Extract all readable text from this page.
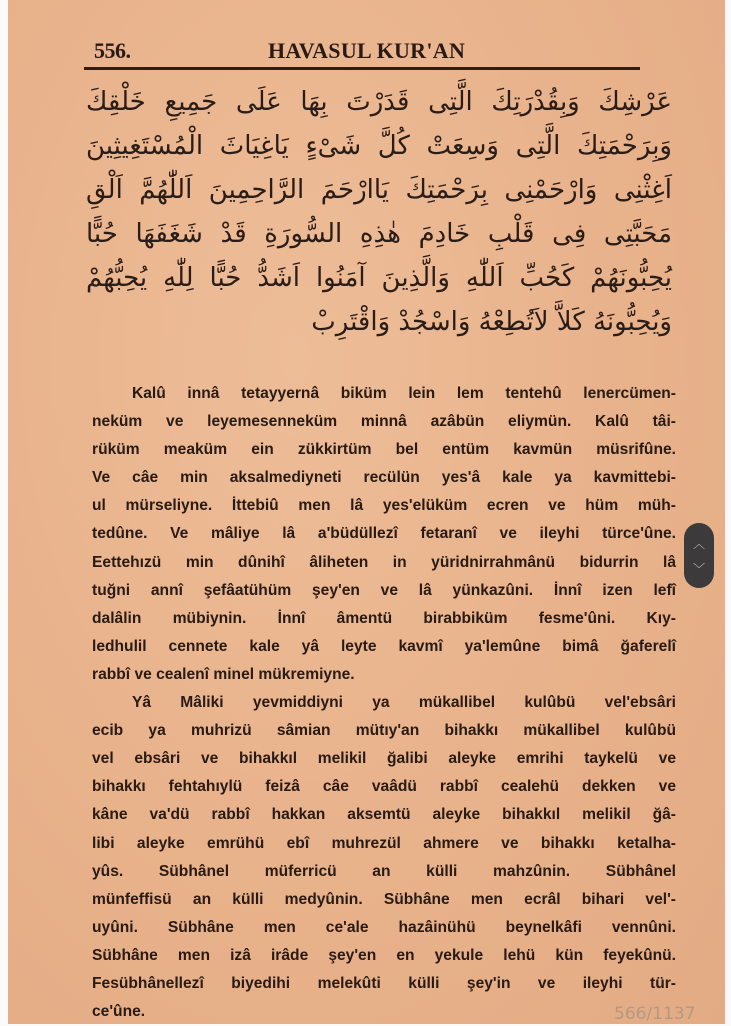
556.	HAVASUL KUR'AN
عَرْشِكَ وَبِقُدْرَتِكَ الَّتِى قَدَرْتَ بِهَا عَلَى جَمِيعِ خَلْقِكَ
وَبِرَحْمَتِكَ الَّتِى وَسِعَتْ كُلَّ شَىْءٍ يَاغِيَاثَ الْمُسْتَغِيثِينَ
اَغِثْنِى وَارْحَمْنِى بِرَحْمَتِكَ يَاارْحَمَ الرَّاحِمِينَ اَللّٰهُمَّ اَلْقِ
مَحَبَّتِى فِى قَلْبِ خَادِمَ هٰذِهِ السُّورَةِ قَدْ شَغَفَهَا حُبًّا
يُحِبُّونَهُمْ كَحُبِّ اَللّٰهِ وَالَّذِينَ آمَنُوا اَشَدُّ حُبًّا لِلّٰهِ يُحِبُّهُمْ
وَيُحِبُّونَهُ كَلاَّ لاَتُطِعْهُ وَاسْجُدْ وَاقْتَرِبْ
Kalû innâ tetayyernâ biküm lein lem tentehû lenercümen-
neküm ve leyemesenneküm minnâ azâbün eliymün. Kalû tâi-
rüküm meaküm ein zükkirtüm bel entüm kavmün müsrifûne.
Ve câe min aksalmediyneti recülün yes'â kale ya kavmittebi-
ul mürseliyne. İttebiû men lâ yes'elüküm ecren ve hüm müh-
tedûne. Ve mâliye lâ a'büdüllezî fetaranî ve ileyhi türce'ûne.
Eettehızü min dûnihî âliheten in yüridnirrahmânü bidurrin lâ
tuğni annî şefâatühüm şey'en ve lâ yünkazûni. İnnî izen lefî
dalâlin mübiynin. İnnî âmentü birabbiküm fesme'ûni. Kıy-
ledhulil cennete kale yâ leyte kavmî ya'lemûne bimâ ğaferelî
rabbî ve cealenî minel mükremiyne.
Yâ Mâliki yevmiddiyni ya mükallibel kulûbü vel'ebsâri
ecib ya muhrizü sâmian mütıy'an bihakkı mükallibel kulûbü
vel ebsâri ve bihakkıl melikil ğalibi aleyke emrihi taykelü ve
bihakkı fehtahıylü feizâ câe vaâdü rabbî cealehü dekken ve
kâne va'dü rabbî hakkan aksemtü aleyke bihakkıl melikil ğâ-
libi aleyke emrühü ebî muhrezül ahmere ve bihakkı ketalha-
yûs. Sübhânel müferricü an külli mahzûnin. Sübhânel
münfeffisü an külli medyûnin. Sübhâne men ecrâl bihari vel'-
uyûni. Sübhâne men ce'ale hazâinühü beynelkâfi vennûni.
Sübhâne men izâ irâde şey'en en yekule lehü kün feyekûnü.
Fesübhânellezî biyedihi melekûti külli şey'in ve ileyhi tür-
ce'ûne.
︿
﹀
566/1137
